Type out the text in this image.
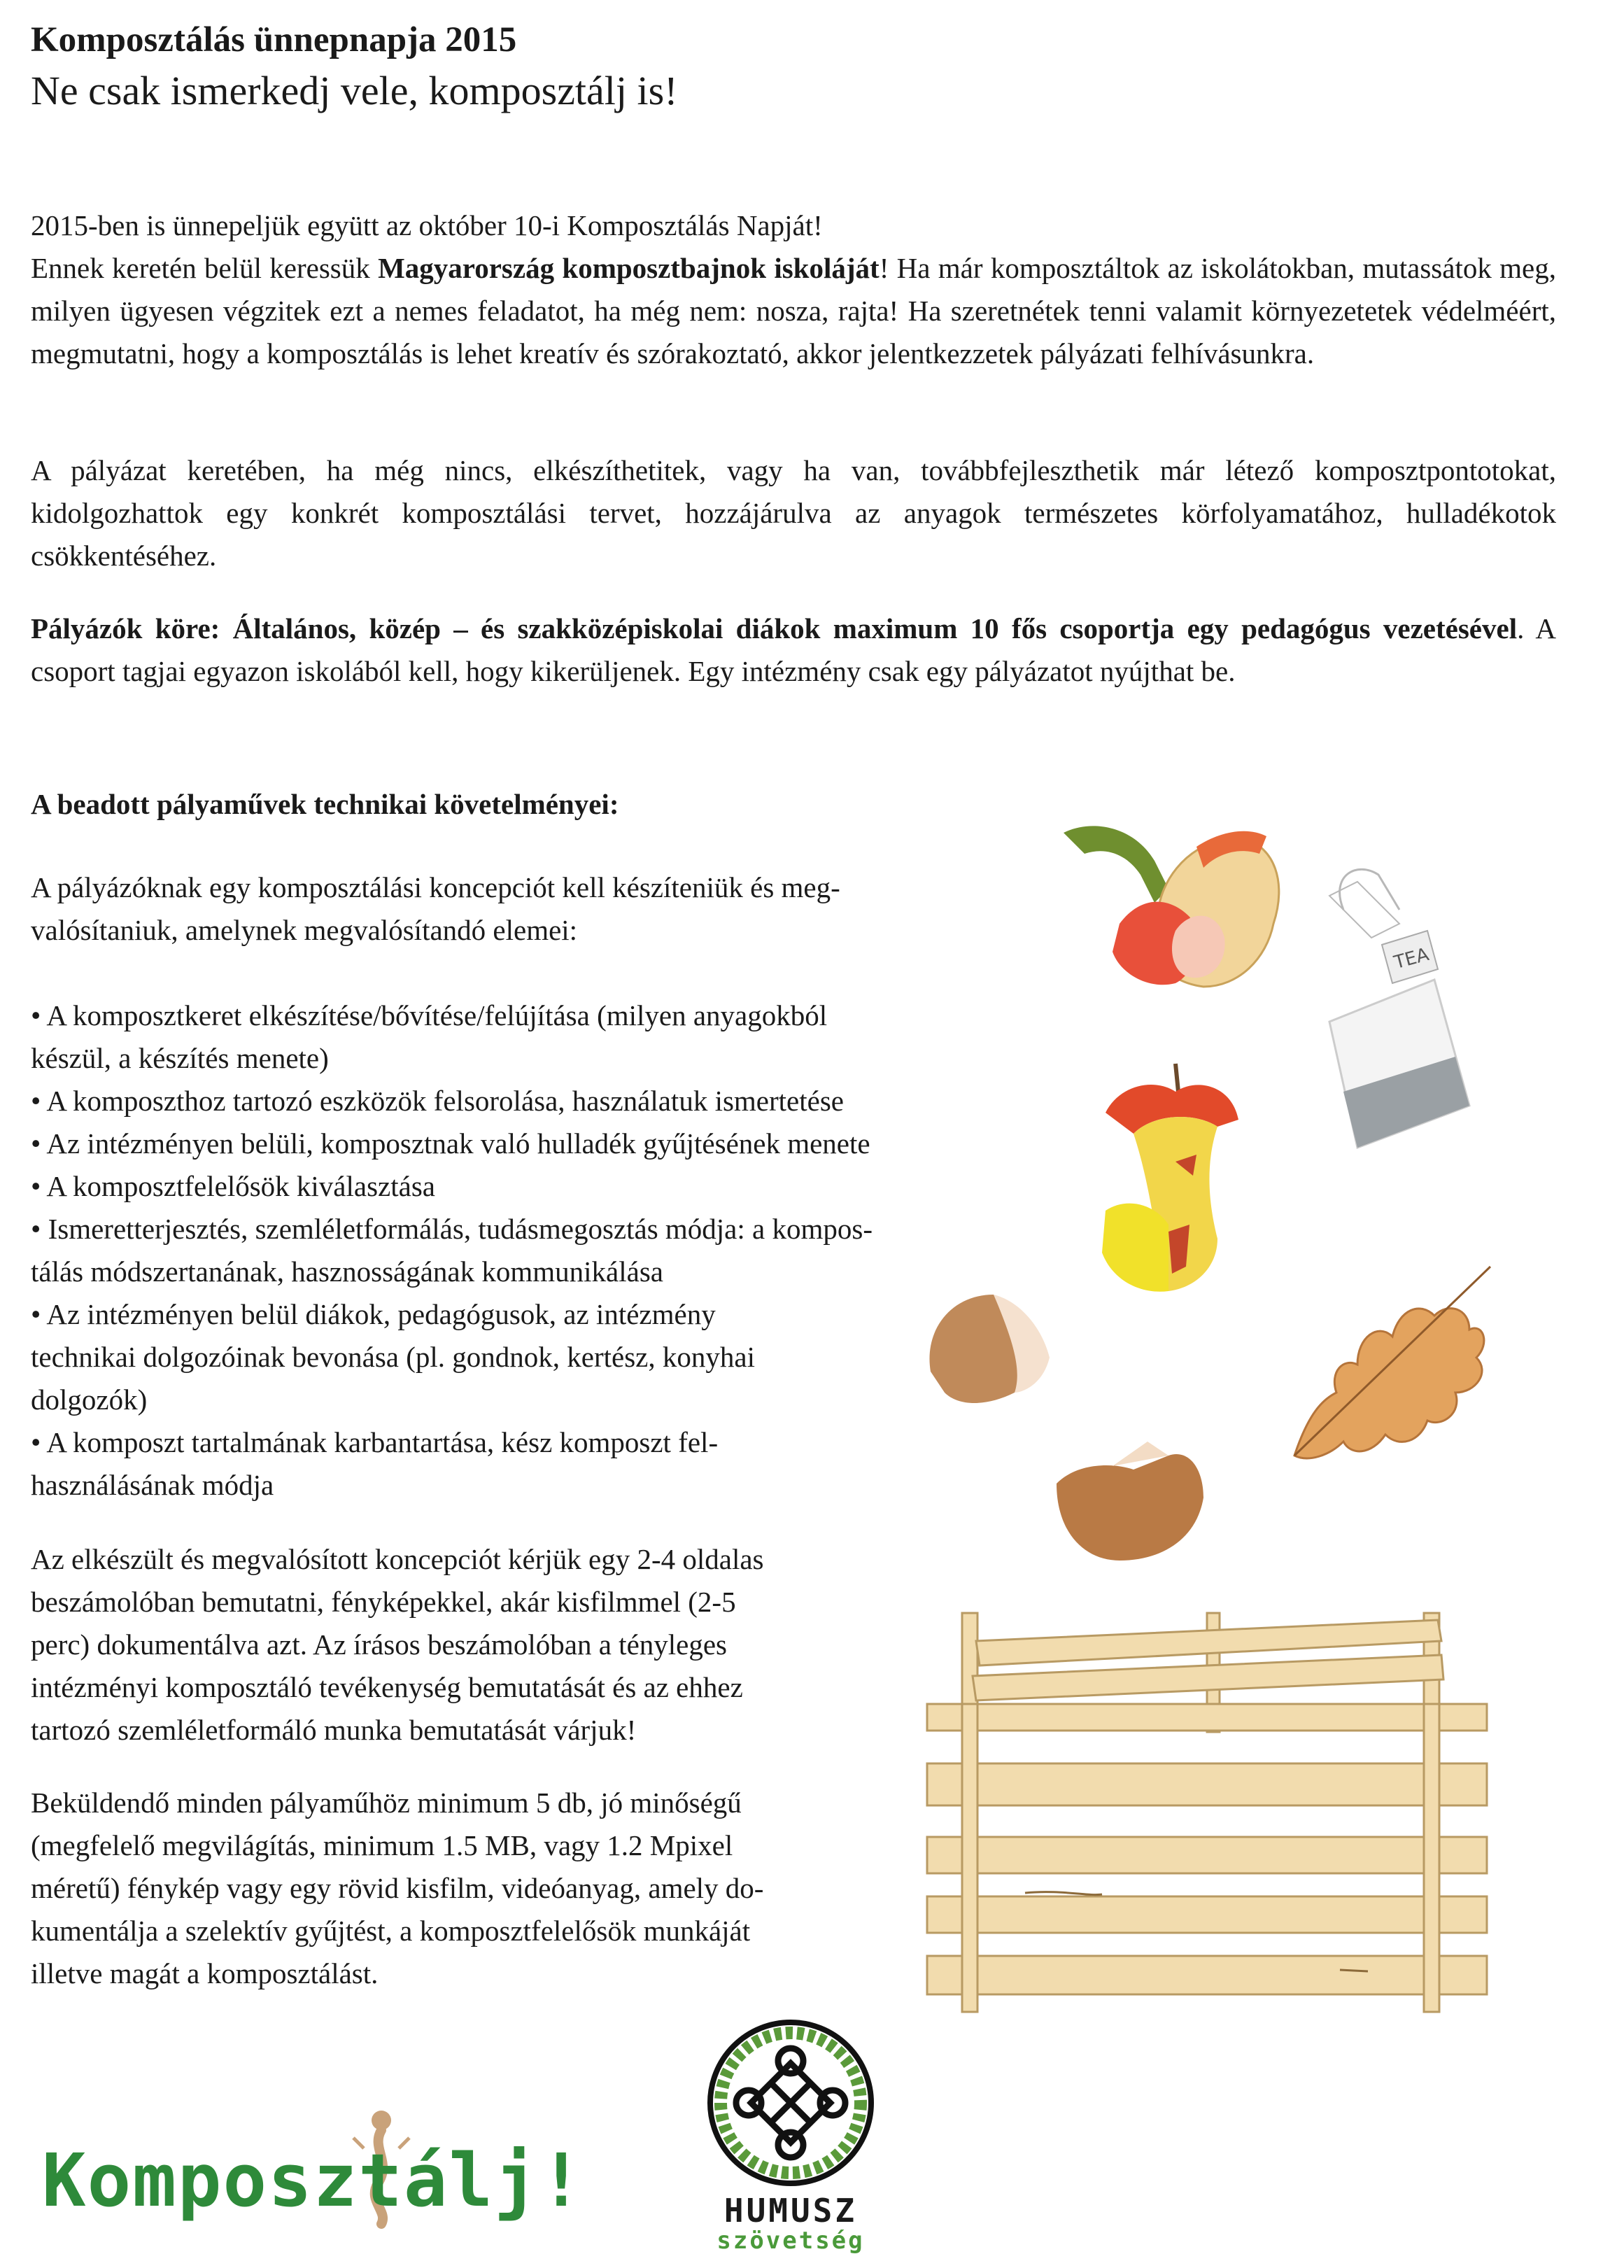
Komposztálás ünnepnapja 2015
Ne csak ismerkedj vele, komposztálj is!

2015-ben is ünnepeljük együtt az október 10-i Komposztálás Napját!

Ennek keretén belül keressük Magyarország komposztbajnok iskoláját! Ha már komposztáltok az iskolátokban, mutassátok meg, milyen ügyesen végzitek ezt a nemes feladatot, ha még nem: nosza, rajta! Ha szeretnétek tenni valamit környezetetek védelméért, megmutatni, hogy a komposztálás is lehet kreatív és szórakoztató, akkor jelentkezzetek pályázati felhívásunkra.

A pályázat keretében, ha még nincs, elkészíthetitek, vagy ha van, továbbfejleszthetik már létező komposztpontotokat, kidolgozhattok egy konkrét komposztálási tervet, hozzájárulva az anyagok természetes körfolyamatához, hulladékotok csökkentéséhez.

Pályázók köre: Általános, közép – és szakközépiskolai diákok maximum 10 fős csoportja egy pedagógus vezetésével. A csoport tagjai egyazon iskolából kell, hogy kikerüljenek. Egy intézmény csak egy pályázatot nyújthat be.

A beadott pályaművek technikai követelményei:
A pályázóknak egy komposztálási koncepciót kell készíteniük és meg-
valósítaniuk, amelynek megvalósítandó elemei:
• A komposztkeret elkészítése/bővítése/felújítása (milyen anyagokból
készül, a készítés menete)
• A komposzthoz tartozó eszközök felsorolása, használatuk ismertetése
• Az intézményen belüli, komposztnak való hulladék gyűjtésének menete
• A komposztfelelősök kiválasztása
• Ismeretterjesztés, szemléletformálás, tudásmegosztás módja: a kompos-
tálás módszertanának, hasznosságának kommunikálása
• Az intézményen belül diákok, pedagógusok, az intézmény
technikai dolgozóinak bevonása (pl. gondnok, kertész, konyhai
dolgozók)
• A komposzt tartalmának karbantartása, kész komposzt fel-
használásának módja
Az elkészült és megvalósított koncepciót kérjük egy 2-4 oldalas
beszámolóban bemutatni, fényképekkel, akár kisfilmmel (2-5
perc) dokumentálva azt. Az írásos beszámolóban a tényleges
intézményi komposztáló tevékenység bemutatását és az ehhez
tartozó szemléletformáló munka bemutatását várjuk!
Beküldendő minden pályaműhöz minimum 5 db, jó minőségű
(megfelelő megvilágítás, minimum 1.5 MB, vagy 1.2 Mpixel
méretű) fénykép vagy egy rövid kisfilm, videóanyag, amely do-
kumentálja a szelektív gyűjtést, a komposztfelelősök munkáját
illetve magát a komposztálást.
TEA
Komposztálj!	HUMUSZ
szövetség
